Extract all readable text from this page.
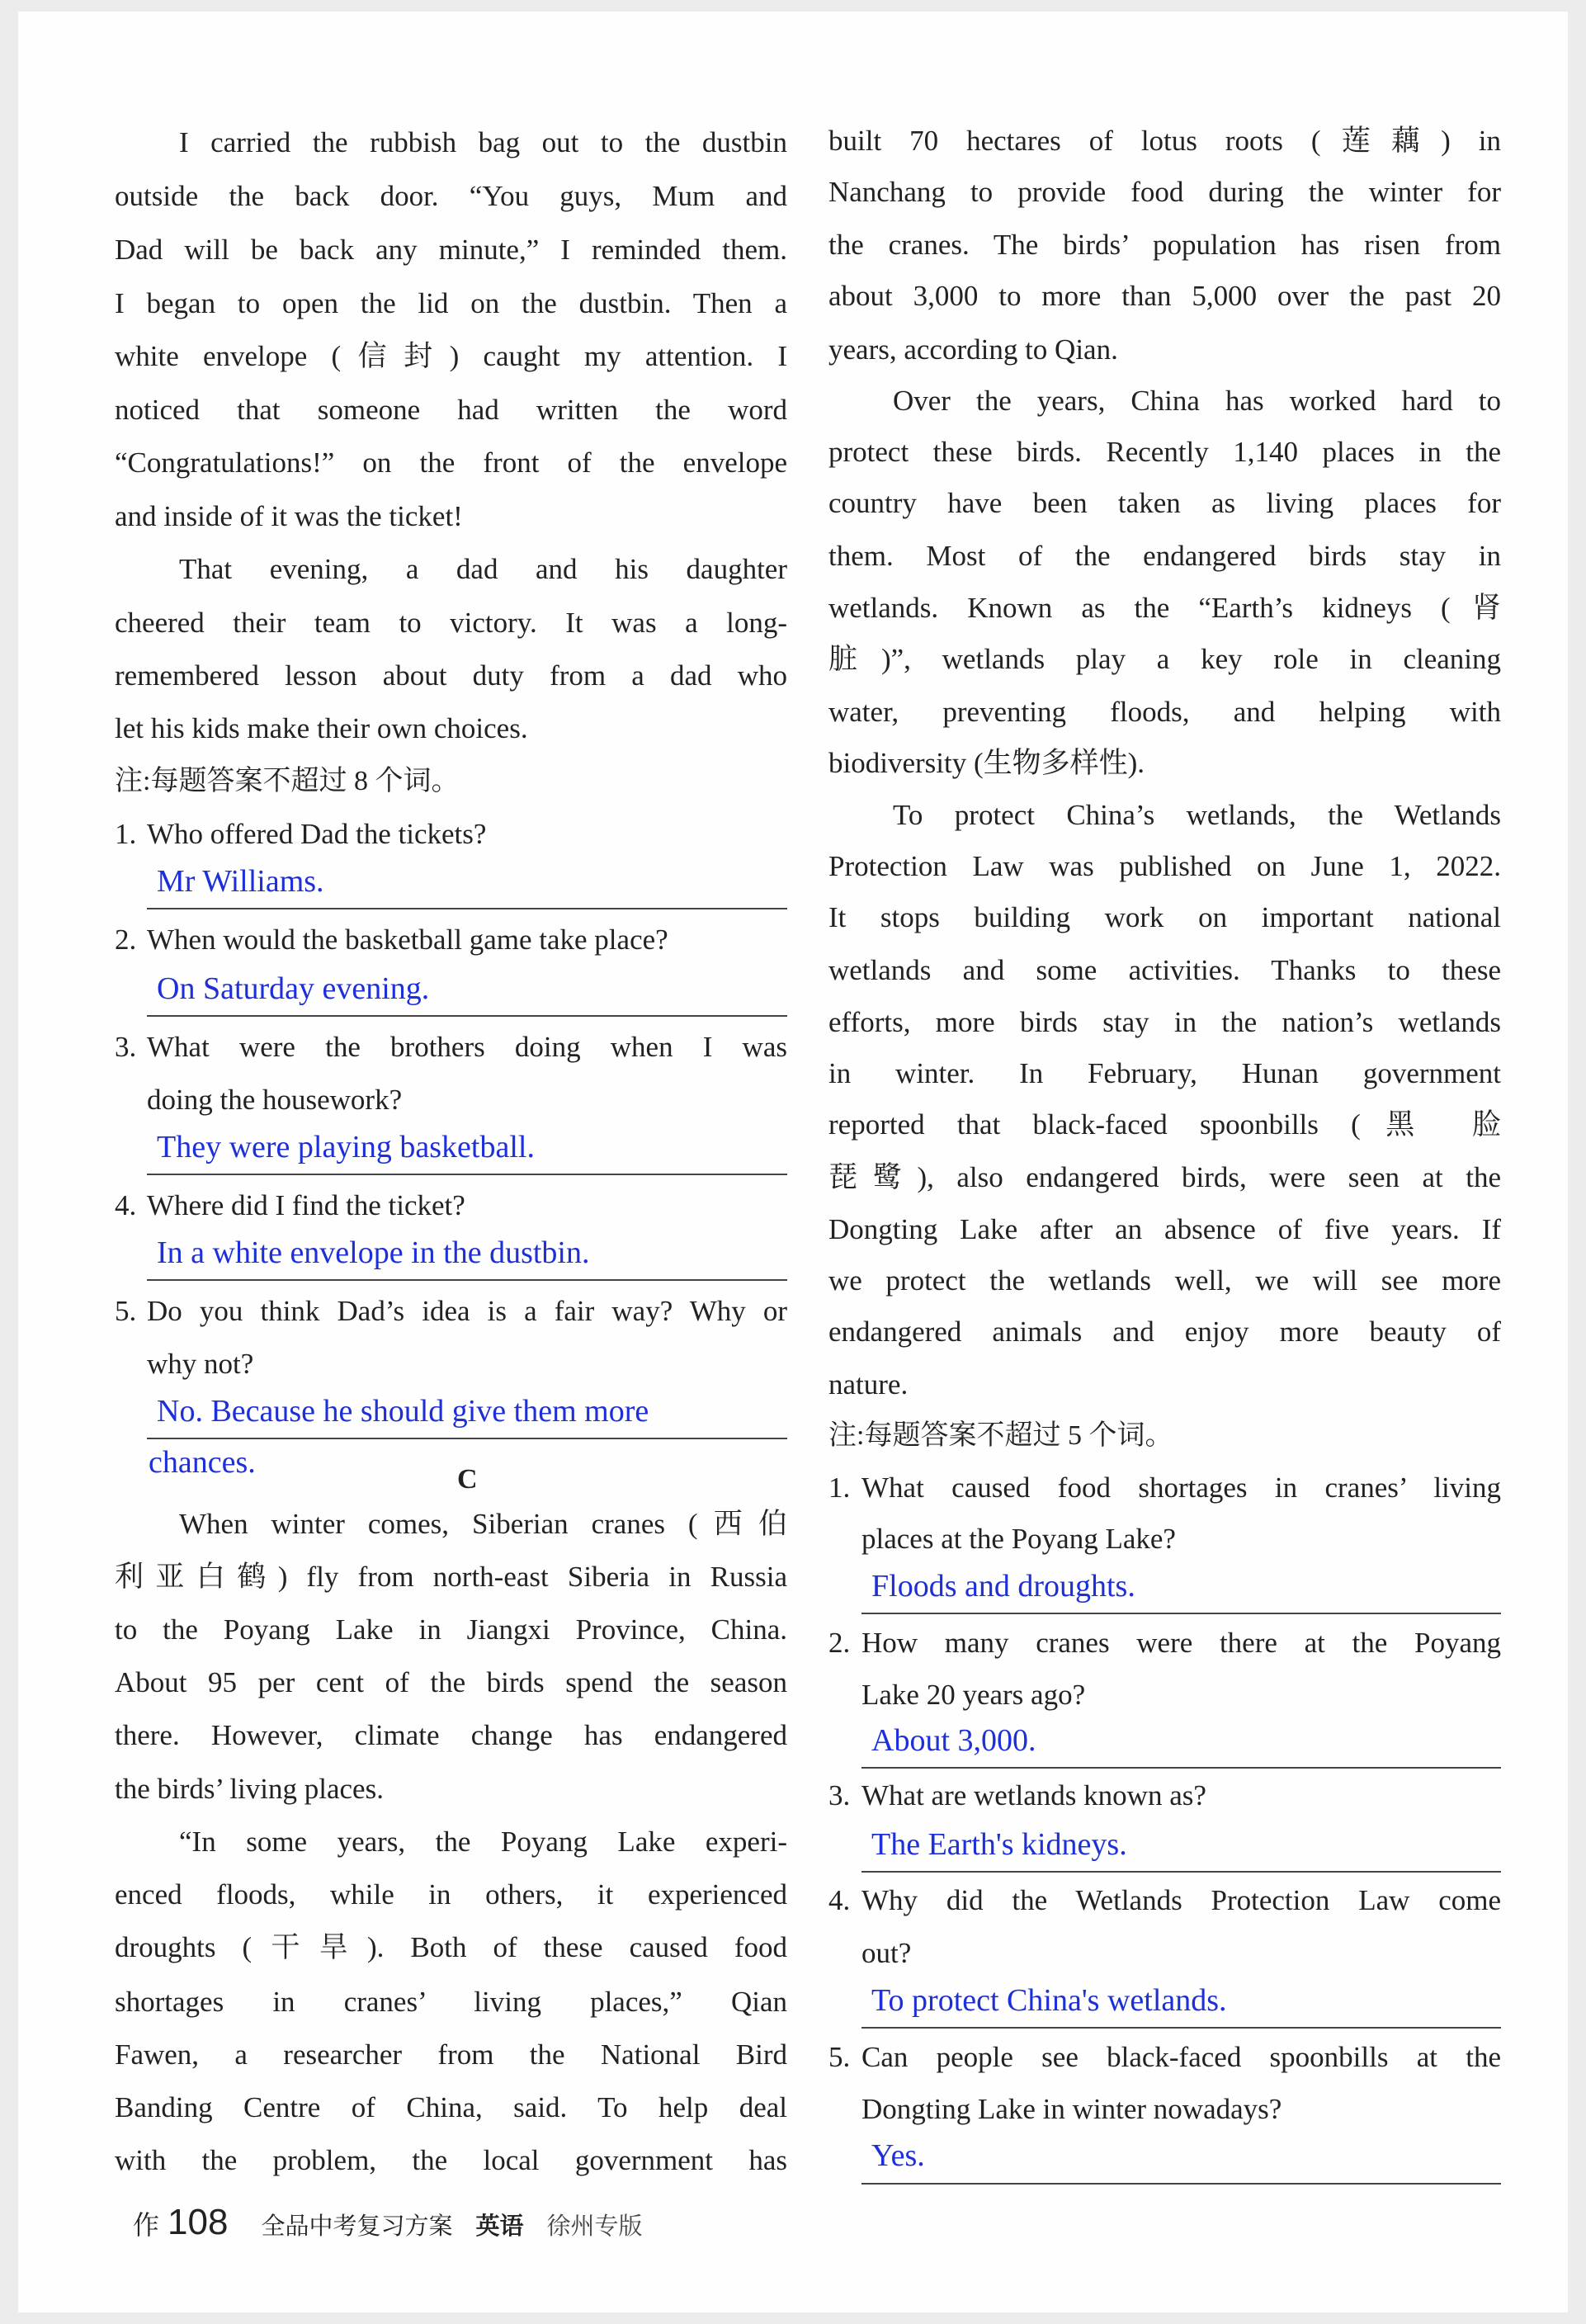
I carried the rubbish bag out to the dustbin
outside the back door. “You guys, Mum and
Dad will be back any minute,” I reminded them.
I began to open the lid on the dustbin. Then a
white envelope (信封) caught my attention. I
noticed that someone had written the word
“Congratulations!” on the front of the envelope
and inside of it was the ticket!
That evening, a dad and his daughter
cheered their team to victory. It was a long-
remembered lesson about duty from a dad who
let his kids make their own choices.
注:每题答案不超过 8 个词。
1. Who offered Dad the tickets?
Mr Williams.
2. When would the basketball game take place?
On Saturday evening.
3. What were the brothers doing when I was
doing the housework?
They were playing basketball.
4. Where did I find the ticket?
In a white envelope in the dustbin.
5. Do you think Dad’s idea is a fair way? Why or
why not?
No. Because he should give them more
chances.
When winter comes, Siberian cranes (西伯
利亚白鹤) fly from north-east Siberia in Russia
to the Poyang Lake in Jiangxi Province, China.
About 95 per cent of the birds spend the season
there. However, climate change has endangered
the birds’ living places.
“In some years, the Poyang Lake experi-
enced floods, while in others, it experienced
droughts (干旱). Both of these caused food
shortages in cranes’ living places,” Qian
Fawen, a researcher from the National Bird
Banding Centre of China, said. To help deal
with the problem, the local government has
built 70 hectares of lotus roots (莲藕) in
Nanchang to provide food during the winter for
the cranes. The birds’ population has risen from
about 3,000 to more than 5,000 over the past 20
years, according to Qian.
Over the years, China has worked hard to
protect these birds. Recently 1,140 places in the
country have been taken as living places for
them. Most of the endangered birds stay in
wetlands. Known as the “Earth’s kidneys (肾
脏)”, wetlands play a key role in cleaning
water, preventing floods, and helping with
biodiversity (生物多样性).
To protect China’s wetlands, the Wetlands
Protection Law was published on June 1, 2022.
It stops building work on important national
wetlands and some activities. Thanks to these
efforts, more birds stay in the nation’s wetlands
in winter. In February, Hunan government
reported that black-faced spoonbills (黑 脸
琵鹭), also endangered birds, were seen at the
Dongting Lake after an absence of five years. If
we protect the wetlands well, we will see more
endangered animals and enjoy more beauty of
nature.
注:每题答案不超过 5 个词。
1. What caused food shortages in cranes’ living
places at the Poyang Lake?
Floods and droughts.
2. How many cranes were there at the Poyang
Lake 20 years ago?
About 3,000.
3. What are wetlands known as?
The Earth's kidneys.
4. Why did the Wetlands Protection Law come
out?
To protect China's wetlands.
5. Can people see black-faced spoonbills at the
Dongting Lake in winter nowadays?
Yes.
C
作 108 全品中考复习方案 英语 徐州专版
